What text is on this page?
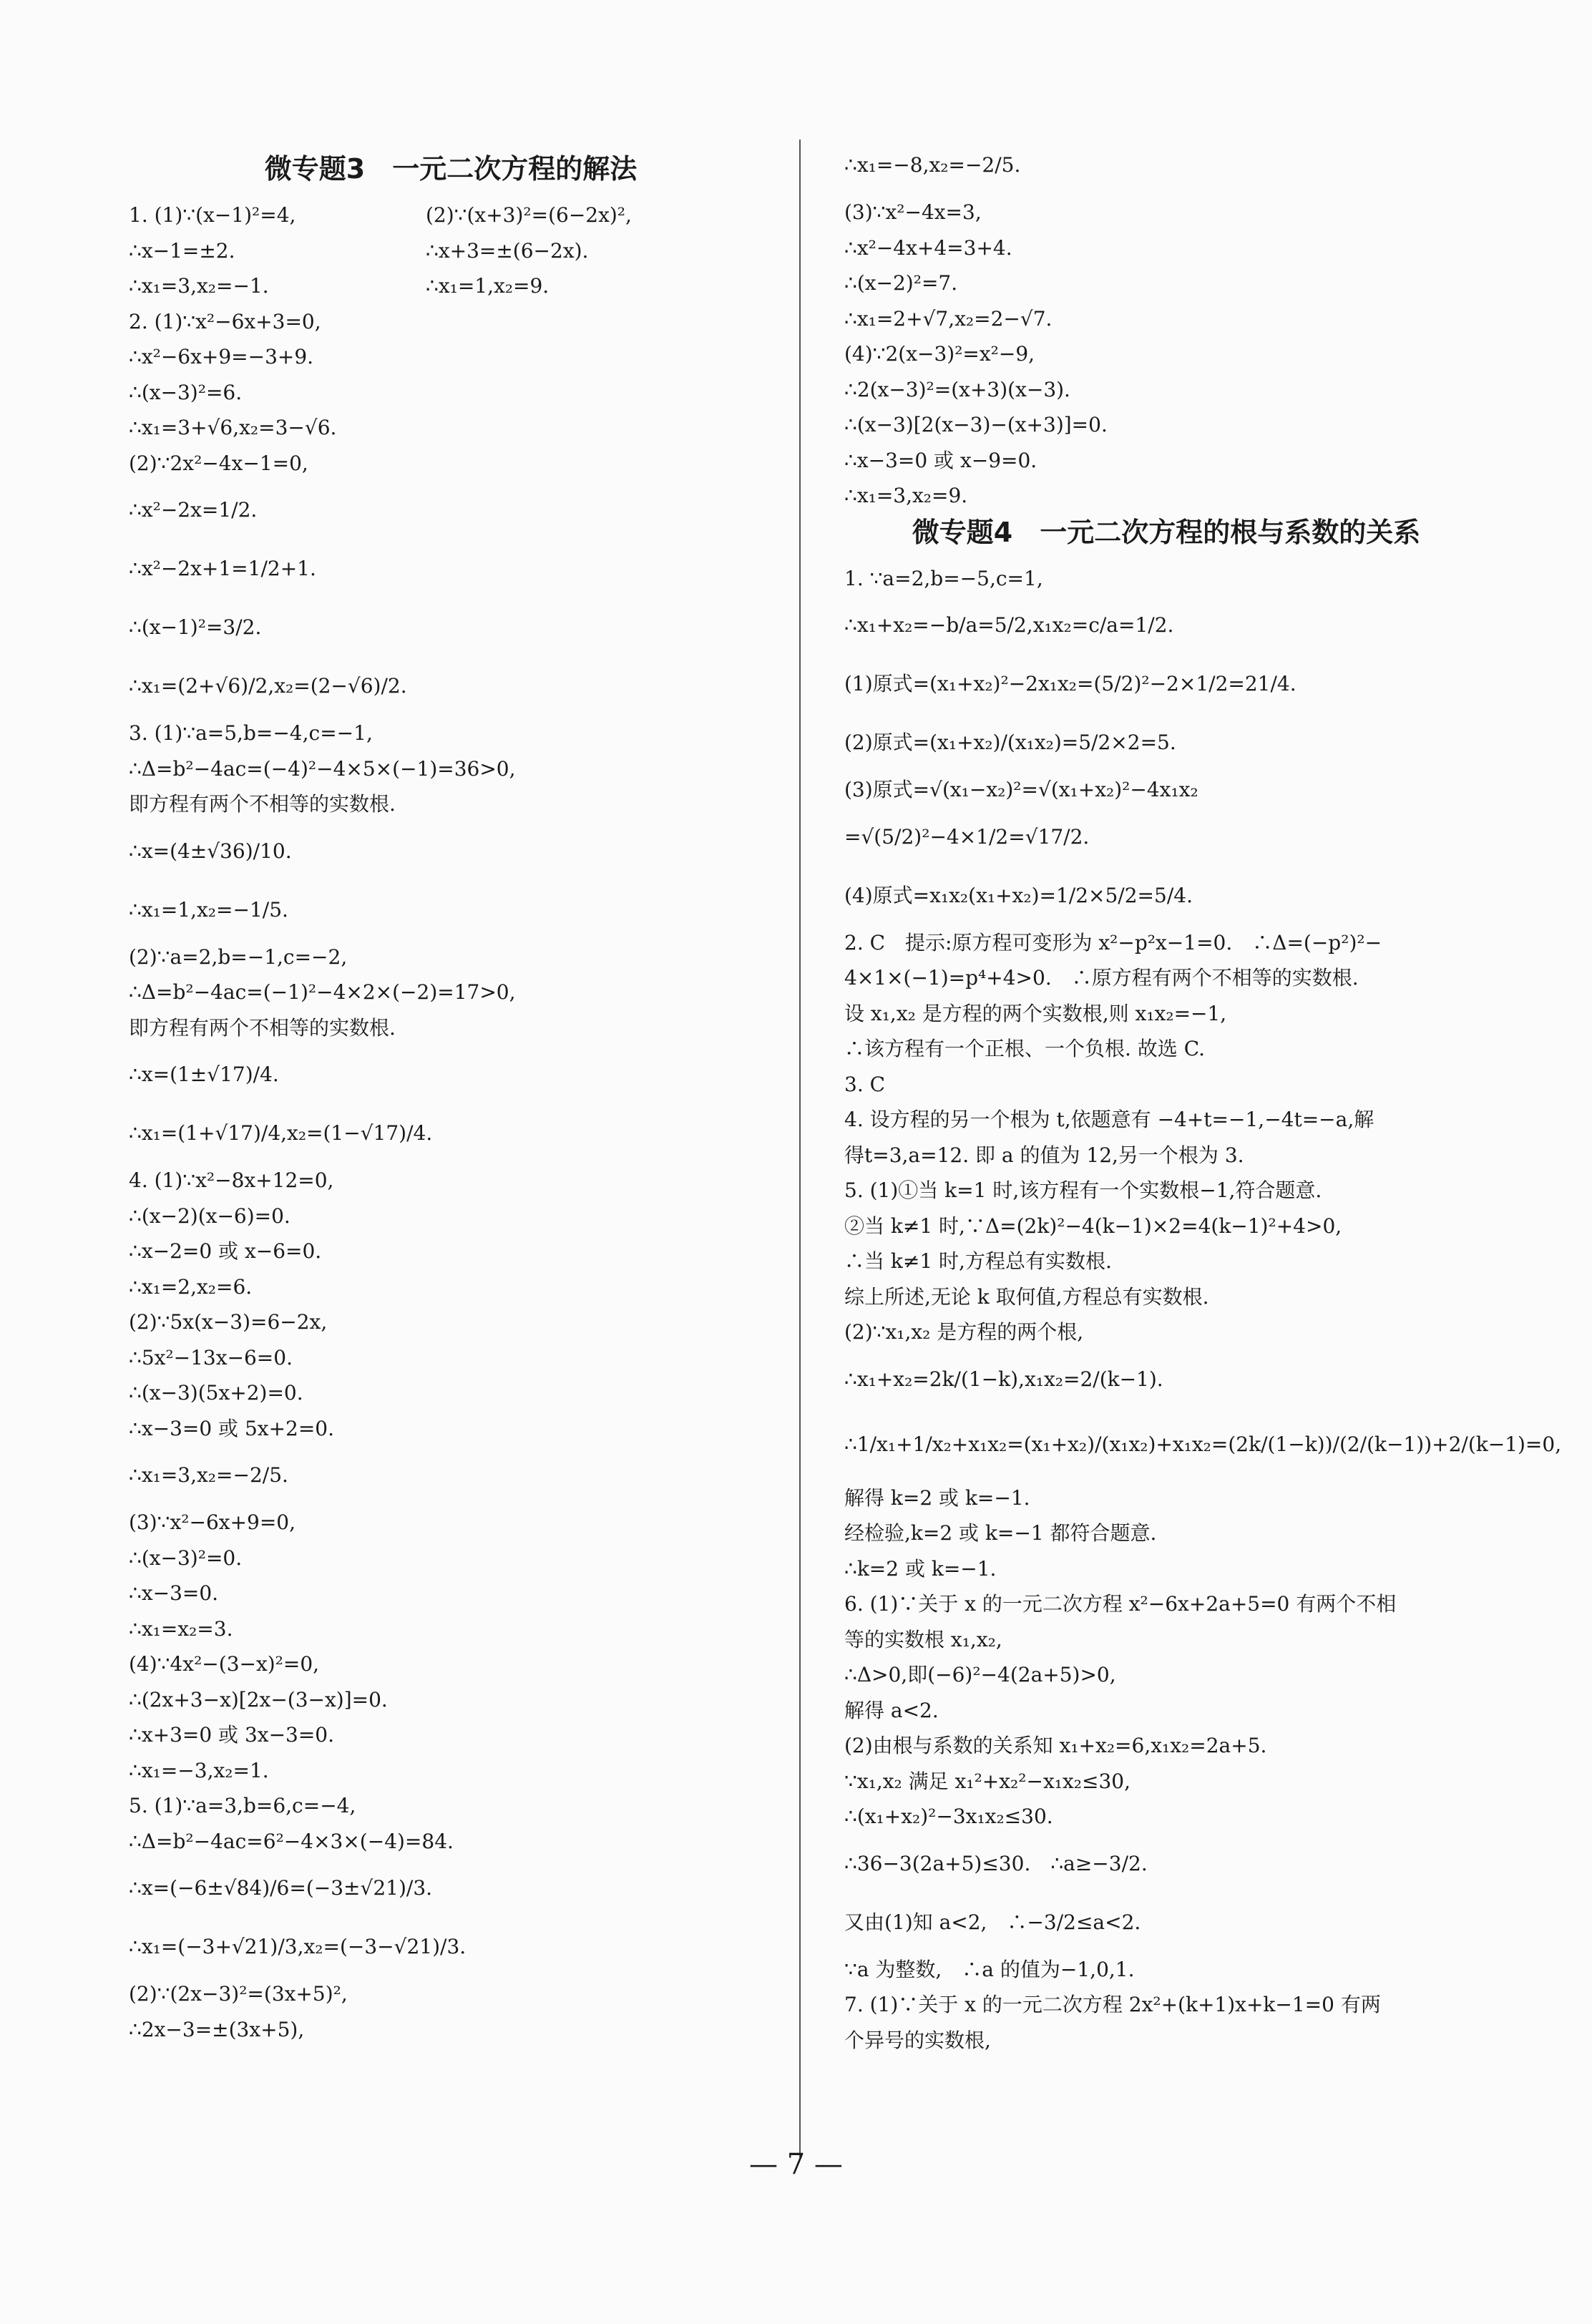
微专题3　一元二次方程的解法
1. (1)∵(x−1)²=4,	(2)∵(x+3)²=(6−2x)²,
∴x−1=±2.	∴x+3=±(6−2x).
∴x₁=3,x₂=−1.	∴x₁=1,x₂=9.
2. (1)∵x²−6x+3=0,
∴x²−6x+9=−3+9.
∴(x−3)²=6.
∴x₁=3+√6,x₂=3−√6.
(2)∵2x²−4x−1=0,
∴x²−2x=1/2.
∴x²−2x+1=1/2+1.
∴(x−1)²=3/2.
∴x₁=(2+√6)/2,x₂=(2−√6)/2.
3. (1)∵a=5,b=−4,c=−1,
∴Δ=b²−4ac=(−4)²−4×5×(−1)=36>0,
即方程有两个不相等的实数根.
∴x=(4±√36)/10.
∴x₁=1,x₂=−1/5.
(2)∵a=2,b=−1,c=−2,
∴Δ=b²−4ac=(−1)²−4×2×(−2)=17>0,
即方程有两个不相等的实数根.
∴x=(1±√17)/4.
∴x₁=(1+√17)/4,x₂=(1−√17)/4.
4. (1)∵x²−8x+12=0,
∴(x−2)(x−6)=0.
∴x−2=0 或 x−6=0.
∴x₁=2,x₂=6.
(2)∵5x(x−3)=6−2x,
∴5x²−13x−6=0.
∴(x−3)(5x+2)=0.
∴x−3=0 或 5x+2=0.
∴x₁=3,x₂=−2/5.
(3)∵x²−6x+9=0,
∴(x−3)²=0.
∴x−3=0.
∴x₁=x₂=3.
(4)∵4x²−(3−x)²=0,
∴(2x+3−x)[2x−(3−x)]=0.
∴x+3=0 或 3x−3=0.
∴x₁=−3,x₂=1.
5. (1)∵a=3,b=6,c=−4,
∴Δ=b²−4ac=6²−4×3×(−4)=84.
∴x=(−6±√84)/6=(−3±√21)/3.
∴x₁=(−3+√21)/3,x₂=(−3−√21)/3.
(2)∵(2x−3)²=(3x+5)²,
∴2x−3=±(3x+5),
∴x₁=−8,x₂=−2/5.
(3)∵x²−4x=3,
∴x²−4x+4=3+4.
∴(x−2)²=7.
∴x₁=2+√7,x₂=2−√7.
(4)∵2(x−3)²=x²−9,
∴2(x−3)²=(x+3)(x−3).
∴(x−3)[2(x−3)−(x+3)]=0.
∴x−3=0 或 x−9=0.
∴x₁=3,x₂=9.
微专题4　一元二次方程的根与系数的关系
1. ∵a=2,b=−5,c=1,
∴x₁+x₂=−b/a=5/2,x₁x₂=c/a=1/2.
(1)原式=(x₁+x₂)²−2x₁x₂=(5/2)²−2×1/2=21/4.
(2)原式=(x₁+x₂)/(x₁x₂)=5/2×2=5.
(3)原式=√(x₁−x₂)²=√(x₁+x₂)²−4x₁x₂
=√(5/2)²−4×1/2=√17/2.
(4)原式=x₁x₂(x₁+x₂)=1/2×5/2=5/4.
2. C　提示:原方程可变形为 x²−p²x−1=0.　∴Δ=(−p²)²−
4×1×(−1)=p⁴+4>0.　∴原方程有两个不相等的实数根.
设 x₁,x₂ 是方程的两个实数根,则 x₁x₂=−1,
∴该方程有一个正根、一个负根. 故选 C.
3. C
4. 设方程的另一个根为 t,依题意有 −4+t=−1,−4t=−a,解
得t=3,a=12. 即 a 的值为 12,另一个根为 3.
5. (1)①当 k=1 时,该方程有一个实数根−1,符合题意.
②当 k≠1 时,∵Δ=(2k)²−4(k−1)×2=4(k−1)²+4>0,
∴当 k≠1 时,方程总有实数根.
综上所述,无论 k 取何值,方程总有实数根.
(2)∵x₁,x₂ 是方程的两个根,
∴x₁+x₂=2k/(1−k),x₁x₂=2/(k−1).
∴1/x₁+1/x₂+x₁x₂=(x₁+x₂)/(x₁x₂)+x₁x₂=(2k/(1−k))/(2/(k−1))+2/(k−1)=0,
解得 k=2 或 k=−1.
经检验,k=2 或 k=−1 都符合题意.
∴k=2 或 k=−1.
6. (1)∵关于 x 的一元二次方程 x²−6x+2a+5=0 有两个不相
等的实数根 x₁,x₂,
∴Δ>0,即(−6)²−4(2a+5)>0,
解得 a<2.
(2)由根与系数的关系知 x₁+x₂=6,x₁x₂=2a+5.
∵x₁,x₂ 满足 x₁²+x₂²−x₁x₂≤30,
∴(x₁+x₂)²−3x₁x₂≤30.
∴36−3(2a+5)≤30.　∴a≥−3/2.
又由(1)知 a<2,　∴−3/2≤a<2.
∵a 为整数,　∴a 的值为−1,0,1.
7. (1)∵关于 x 的一元二次方程 2x²+(k+1)x+k−1=0 有两
个异号的实数根,
— 7 —
